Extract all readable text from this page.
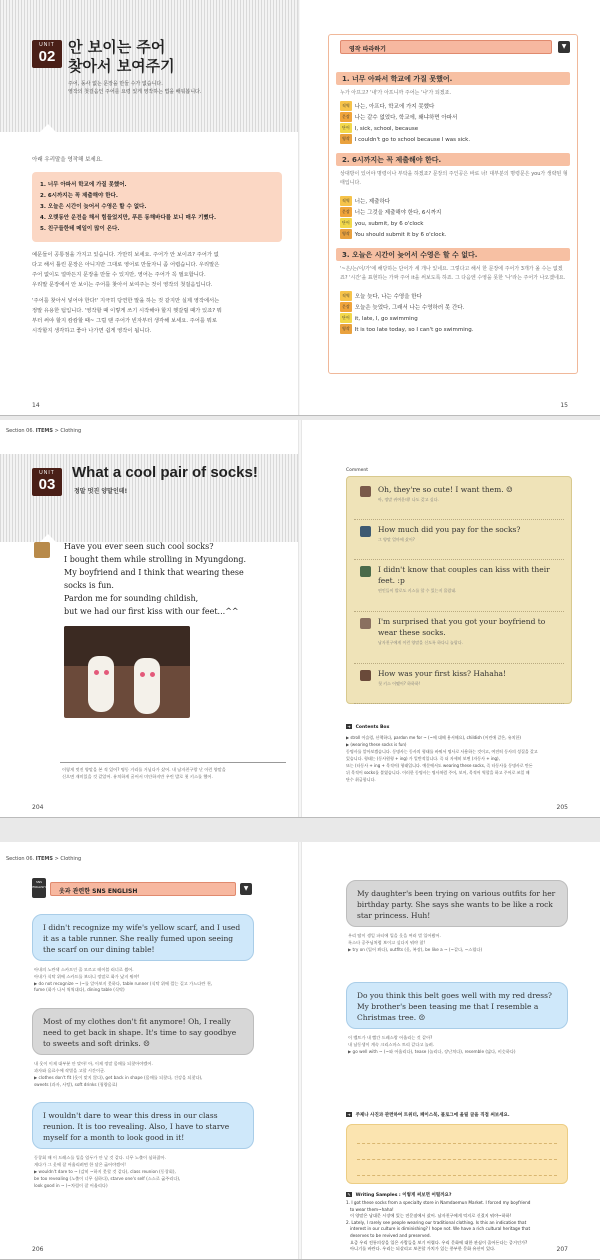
UNIT
02
안 보이는 주어
찾아서 보여주기
주어, 동사 없는 문장을 만들 수가 없습니다.
영작의 첫걸음인 주어를 요령 있게 영작하는 법을 배워봅니다.
아래 우리말을 영작해 보세요.
1. 너무 아파서 학교에 가질 못했어.
2. 6시까지는 꼭 제출해야 한다.
3. 오늘은 시간이 늦어서 수영은 할 수 없다.
4. 오랫동안 운전을 해서 힘들었지만, 푸른 동해바다를 보니 매우 기뻤다.
5. 친구들한테 메일이 많이 온다.
예문들이 공통점을 가지고 있습니다. 가만히 보세요. 주어가 안 보이죠? 주어가 없
다고 해서 틀린 문장은 아니지만 그대로 영어로 만들자니 좀 어렵습니다. 우리말은
주어 없이도 얼마든지 문장을 만들 수 있지만, 영어는 주어가 꼭 필요합니다.
우리말 문장에서 안 보이는 주어를 찾아서 보여주는 것이 영작의 첫걸음입니다.
'주어를 찾아서 넣어야 한다!' 지극히 당연한 말을 하는 것 같지만 실제 영작에서는
정말 유용한 팁입니다. '영작할 때 이렇게 쓰기 시작해야 할지 헷갈릴 때가 있죠? 뭐
부터 써야 할지 캄캄할 때~ 그럴 땐 주어가 빈자부터 생각해 보세요. 주어를 뭐로
시작할지 생각하고 좋아 나가면 쉽게 영작이 됩니다.
14
영작 따라하기	▼
1. 너무 아파서 학교에 가질 못했어.
누가 아프고? '내'가 아프니까 주어는 '나'가 되겠죠.
직역 나는, 아프다, 학교에 가지 못했다
문장 나는 같수 없었다, 학교에, 왜냐하면 아파서
단어 I, sick, school, because
영작 I couldn't go to school because I was sick.
2. 6시까지는 꼭 제출해야 한다.
상대방이 있어야 명령이나 부탁을 하겠죠? 문장의 주인공은 바로 너! 대부분의 명령문은 you가 생략된 형태입니다.
직역 너는, 제출하다
문장 너는 그것을 제출해야 한다, 6시까지
단어 you, submit, by 6 o'clock
영작 You should submit it by 6 o'clock.
3. 오늘은 시간이 늦어서 수영은 할 수 없다.
'~은/는/이/가'에 해당하는 단어가 세 개나 있네요. 그렇다고 해서 한 문장에 주어가 3개가 올 수는 없겠죠? '시간'을 표현하는 가짜 주어 it을 써보도록 하죠. 그 다음엔 수영을 못한 '나'라는 주어가 나오겠네요.
직역 오늘 늦다, 나는 수영을 한다
문장 오늘은 늦었다, 그래서 나는 수영하러 못 간다.
단어 it, late, I, go swimming
영작 It is too late today, so I can't go swimming.
15
Section 06. ITEMS > Clothing
UNIT
03
What a cool pair of socks!
정말 멋진 양말인데!
Have you ever seen such cool socks?
I bought them while strolling in Myungdong.
My boyfriend and I think that wearing these
socks is fun.
Pardon me for sounding childish,
but we had our first kiss with our feet...^^
이렇게 멋진 양말을 본 적 있어? 명동 거리를 거닐다가 샀어. 내 남자친구랑 난 이런 양말을
신으면 재미있을 것 같았어. 유치하게 굴어서 미안하지만 우린 발로 첫 키스를 했어.
204
Comment
Oh, they're so cute! I want them. ☺
아, 정말 귀여운데! 나도 갖고 싶다.
How much did you pay for the socks?
그 양말 얼마에 샀어?
I didn't know that couples can kiss with their
feet. :p
연인들이 발로도 키스를 할 수 있는지 몰랐네.
I'm surprised that you got your boyfriend to
wear these socks.
남자친구에게 이런 양말을 신도록 하다니 놀랍다.
How was your first kiss? Hahaha!
첫 키스 어땠어? 하하하!
➜ Contents Box
▶ stroll 어슬렁, 산책하다, pardon me for ~ (~에 대해 용서해요), childish (어린애 같은, 유치한)
▶ (wearing these socks is fun)
동명사를 알아보겠습니다. 동명사는 동사의 형태를 바꿔서 명사로 사용하는 것이고, 여전히 동사의 성질을 갖고
있습니다. 형태는 (동사원형 + ing) 가 일반적입니다. 즉 더 자세히 보면 (자동사 + ing),
또는 (타동사 + ing + 목적어) 형태입니다. 예문에서도 wearing these socks, 즉 타동사를 동명사로 만든
뒤 목적어 socks를 붙였습니다. 이러한 동명사는 명사처럼 주어, 보어, 목적어 역할을 하고 주어로 쓰일 때
단수 취급합니다.
205
Section 06. ITEMS > Clothing
SNS ENGLISH
옷과 관련한 SNS ENGLISH	▼
I didn't recognize my wife's yellow scarf, and I used
it as a table runner. She really fumed upon seeing
the scarf on our dining table!
아내의 노란색 스카프인 줄 모르고 테이블 러너로 썼어.
아내가 식탁 위에 스카프를 보더니 정말로 화가 났지 뭐야!
▶ do not recognize ~ (~를 알아보지 못하다, table runner (식탁 위에 깔는 길고 가느다란 천,
fume (화가 나서 씩씩대다), dining table (식탁)
Most of my clothes don't fit anymore! Oh, I really
need to get back in shape. It's time to say goodbye
to sweets and soft drinks. ☹
내 옷이 이제 대부분 안 맞아! 아, 이제 정말 몸매를 되찾아야겠어.
과자와 음료수에 작별을 고할 시간이군.
▶ clothes don't fit (옷이 맞지 않다), get back in shape (몸매를 되찾다, 건강을 되찾다),
sweets (과자, 사탕), soft drinks (청량음료)
I wouldn't dare to wear this dress in our class
reunion. It is too revealing. Also, I have to starve
myself for a month to look good in it!
동창회 때 이 드레스를 입을 엄두가 안 날 것 같다. 너무 노출이 심하잖아.
게다가 그 옷에 잘 어울리려면 한 달은 굶어야겠어!
▶ wouldn't dare to ~ (감히 ~하지 못할 것 같다), class reunion (동창회),
be too revealing (노출이 너무 심하다), starve one's self (스스로 굶주리다),
look good in ~ (~차림이 잘 어울리다)
206
My daughter's been trying on various outfits for her
birthday party. She says she wants to be like a rock
star princess. Huh!
우리 딸이 생일 파티에 입을 옷을 여러 벌 입어봤어.
록스타 공주님처럼 보이고 싶다지 뭐야 참!
▶ try on (입어 봐다), outfits (옷, 복장), be like a ~ (~같다, ~스럽다)
Do you think this belt goes well with my red dress?
My brother's been teasing me that I resemble a
Christmas tree. ☹
이 벨트가 내 빨간 드레스랑 어울리는 것 같아?
내 남동생이 계속 크리스마스 트리 같다고 놀려.
▶ go well with ~ (~와 어울리다), tease (놀리다, 장난치다), resemble (닮다, 비슷하다)
➜ 주제나 사진과 관련하여 트위터, 페이스북, 블로그에 올릴 글을 직접 써보세요.
✎ Writing Samples : 이렇게 써보면 어떨까요?
1. I got these socks from a specialty store in Namdaemun Market. I forced my boyfriend
to wear them~haha!
이 양말은 남대문 시장에 있는 전문점에서 샀어. 남자친구에게 억지로 신겼지 뭐야~하하!
2. Lately, I rarely see people wearing our traditional clothing. Is this an indication that
interest in our culture is diminishing? I hope not. We have a rich cultural heritage that
deserves to be revived and preserved.
요즘 우리 전통의상을 입은 사람들을 보기 어렵다. 우리 문화에 대한 관심이 줄어든다는 증거인가?
아니기를 바란다. 우리는 되살리고 보존할 가치가 있는 풍부한 문화 유산이 있다.	207
